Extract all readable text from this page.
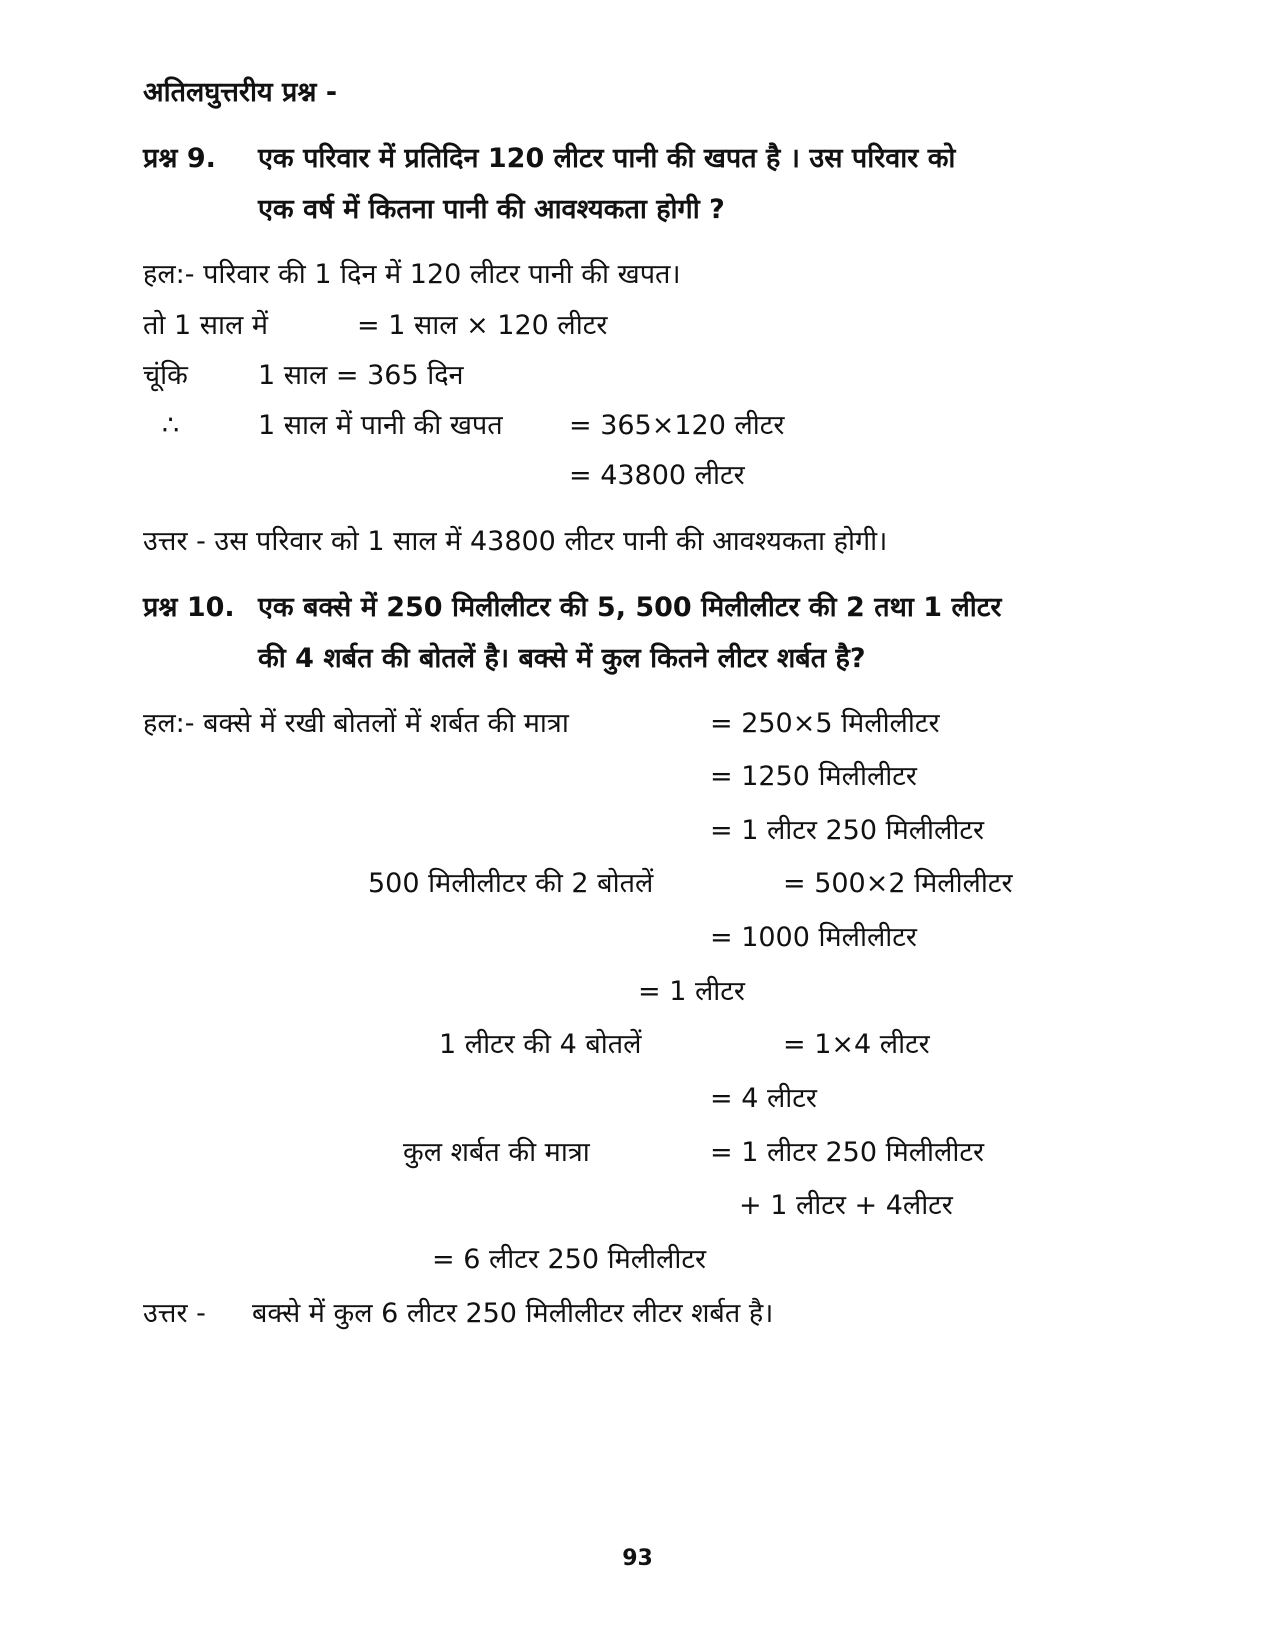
अतिलघुत्तरीय प्रश्न -
प्रश्न 9. एक परिवार में प्रतिदिन 120 लीटर पानी की खपत है । उस परिवार को
एक वर्ष में कितना पानी की आवश्यकता होगी ?
हल:- परिवार की 1 दिन में 120 लीटर पानी की खपत।
तो 1 साल में	= 1 साल × 120 लीटर
चूंकि	1 साल = 365 दिन
∴	1 साल में पानी की खपत = 365×120 लीटर
= 43800 लीटर
उत्तर - उस परिवार को 1 साल में 43800 लीटर पानी की आवश्यकता होगी।
प्रश्न 10. एक बक्से में 250 मिलीलीटर की 5, 500 मिलीलीटर की 2 तथा 1 लीटर
की 4 शर्बत की बोतलें है। बक्से में कुल कितने लीटर शर्बत है?
हल:- बक्से में रखी बोतलों में शर्बत की मात्रा	= 250×5 मिलीलीटर
= 1250 मिलीलीटर
= 1 लीटर 250 मिलीलीटर
500 मिलीलीटर की 2 बोतलें	= 500×2 मिलीलीटर
= 1000 मिलीलीटर
= 1 लीटर
1 लीटर की 4 बोतलें	= 1×4 लीटर
= 4 लीटर
कुल शर्बत की मात्रा	= 1 लीटर 250 मिलीलीटर
+ 1 लीटर + 4लीटर
= 6 लीटर 250 मिलीलीटर
उत्तर - बक्से में कुल 6 लीटर 250 मिलीलीटर लीटर शर्बत है।
93
